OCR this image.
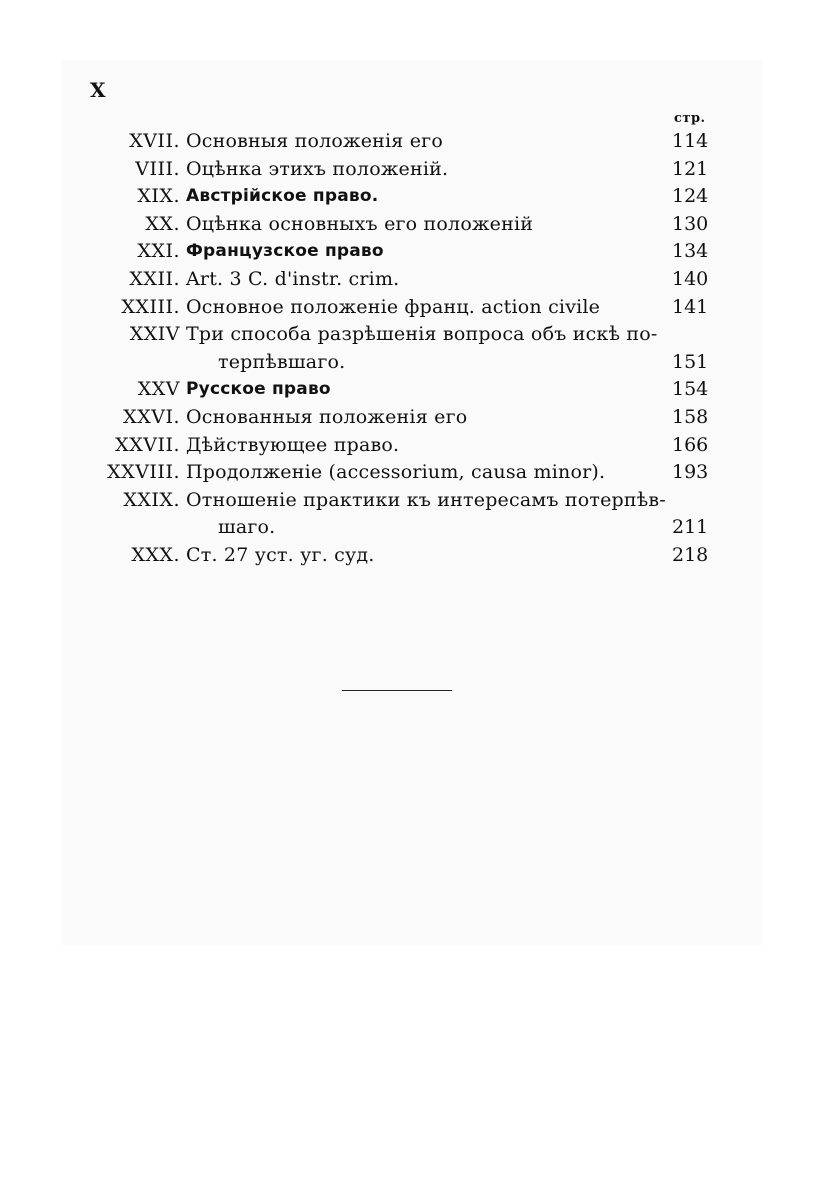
X
стр.
XVII. Основныя положенія его	114
VIII. Оцѣнка этихъ положеній.	121
XIX. Австрійское право.	124
XX. Оцѣнка основныхъ его положеній	130
XXI. Французское право	134
XXII. Art. 3 C. d'instr. crim.	140
XXIII. Основное положеніе франц. action civile	141
XXIV Три способа разрѣшенія вопроса объ искѣ по-
терпѣвшаго.	151
XXV Русское право	154
XXVI. Основанныя положенія его	158
XXVII. Дѣйствующее право.	166
XXVIII. Продолженіе (accessorium, causa minor).	193
XXIX. Отношеніе практики къ интересамъ потерпѣв-
шаго.	211
XXX. Ст. 27 уст. уг. суд.	218
